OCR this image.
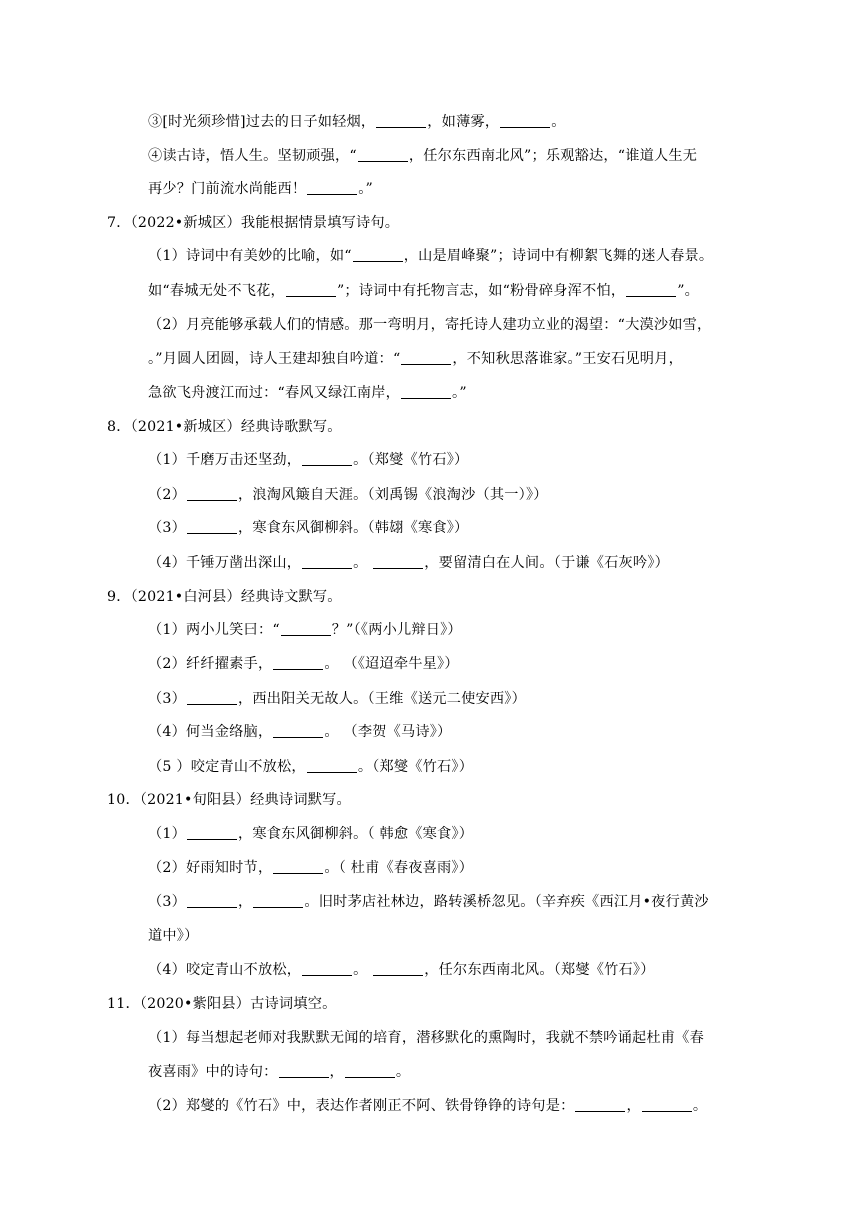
③[时光须珍惜]过去的日子如轻烟，	，如薄雾，	。
④读古诗，悟人生。坚韧顽强，“	，任尔东西南北风”；乐观豁达，“谁道人生无
再少？门前流水尚能西！	。”
7．（2022•新城区）我能根据情景填写诗句。
（1）诗词中有美妙的比喻，如“	，山是眉峰聚”；诗词中有柳絮飞舞的迷人春景。
如“春城无处不飞花，	”；诗词中有托物言志，如“粉骨碎身浑不怕，	”。
（2）月亮能够承载人们的情感。那一弯明月，寄托诗人建功立业的渴望：“大漠沙如雪，
。”月圆人团圆，诗人王建却独自吟道：“	，不知秋思落谁家。”王安石见明月，
急欲飞舟渡江而过：“春风又绿江南岸，	。”
8．（2021•新城区）经典诗歌默写。
（1）千磨万击还坚劲，	。（郑燮《竹石》）
（2）	，浪淘风簸自天涯。（刘禹锡《浪淘沙（其一）》）
（3）	，寒食东风御柳斜。（韩翃《寒食》）
（4）千锤万凿出深山，	。	，要留清白在人间。（于谦《石灰吟》）
9．（2021•白河县）经典诗文默写。
（1）两小儿笑曰：“	？”（《两小儿辩日》）
（2）纤纤擢素手，	。 （《迢迢牵牛星》）
（3）	，西出阳关无故人。（王维《送元二使安西》）
（4）何当金络脑，	。 （李贺《马诗》）
（5 ）咬定青山不放松，	。（郑燮《竹石》）
10．（2021•旬阳县）经典诗词默写。
（1）	，寒食东风御柳斜。（ 韩愈《寒食》）
（2）好雨知时节，	。（ 杜甫《春夜喜雨》）
（3）	，	。旧时茅店社林边，路转溪桥忽见。（辛弃疾《西江月•夜行黄沙
道中》）
（4）咬定青山不放松，	。	，任尔东西南北风。（郑燮《竹石》）
11．（2020•紫阳县）古诗词填空。
（1）每当想起老师对我默默无闻的培育，潜移默化的熏陶时，我就不禁吟诵起杜甫《春
夜喜雨》中的诗句：	，	。
（2）郑燮的《竹石》中，表达作者刚正不阿、铁骨铮铮的诗句是：	，	。
